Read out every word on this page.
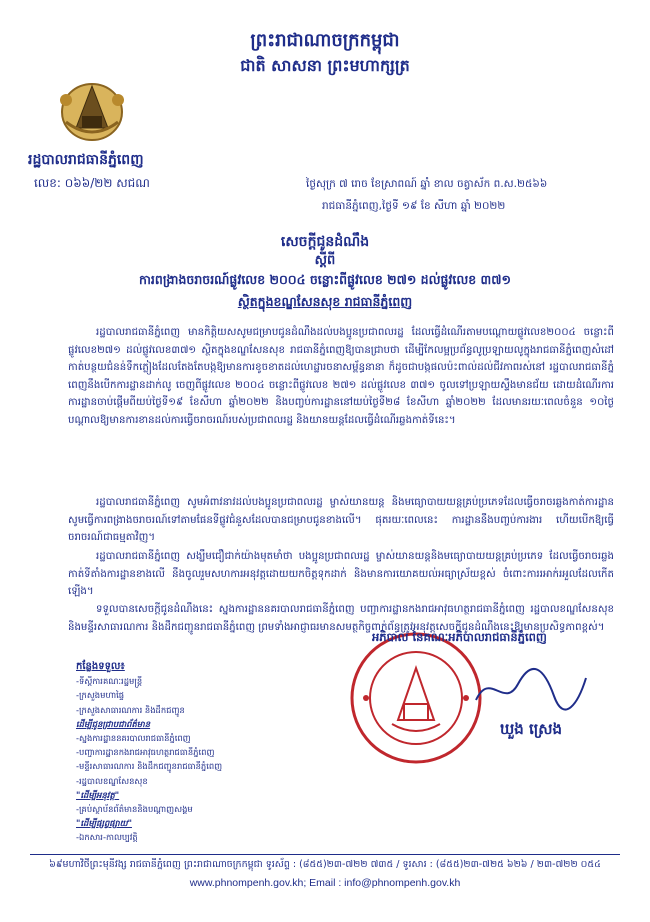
ព្រះរាជាណាចក្រកម្ពុជា
ជាតិ សាសនា ព្រះមហាក្សត្រ
រដ្ឋបាលរាជធានីភ្នំពេញ
លេខ: ០៦៦/២២ សជណ	ថ្ងៃសុក្រ ៧ រោច ខែស្រាពណ៍ ឆ្នាំ ខាល ចត្វាស័ក ព.ស.២៥៦៦
រាជធានីភ្នំពេញ,ថ្ងៃទី ១៩ ខែ សីហា ឆ្នាំ ២០២២
សេចក្តីជូនដំណឹង
ស្តីពី
ការពង្រាងចរាចរណ៍ផ្លូវលេខ ២០០៤ ចន្លោះពីផ្លូវលេខ ២៧១ ដល់ផ្លូវលេខ ៣៧១
ស្ថិតក្នុងខណ្ឌសែនសុខ រាជធានីភ្នំពេញ
រដ្ឋបាលរាជធានីភ្នំពេញ មានកិត្តិយសសូមជម្រាបជូនដំណឹងដល់បងប្អូនប្រជាពលរដ្ឋ ដែលធ្វើដំណើរតាមបណ្តោយផ្លូវលេខ២០០៤ ចន្លោះពីផ្លូវលេខ២៧១ ដល់ផ្លូវលេខ៣៧១ ស្ថិតក្នុងខណ្ឌសែនសុខ រាជធានីភ្នំពេញឱ្យបានជ្រាបថា ដើម្បីកែលម្អប្រព័ន្ធលូប្រឡាយលូក្នុងរាជធានីភ្នំពេញសំដៅកាត់បន្ថយជំនន់ទឹកភ្លៀងដែលតែងតែបង្កឱ្យមានការខូចខាតដល់ហេដ្ឋារចនាសម្ព័ន្ធនានា ក៏ដូចជាបង្កផលប៉ះពាល់ដល់ជីវភាពរស់នៅ រដ្ឋបាលរាជធានីភ្នំពេញនឹងបើកការដ្ឋានដាក់លូ ចេញពីផ្លូវលេខ ២០០៤ ចន្លោះពីផ្លូវលេខ ២៧១ ដល់ផ្លូវលេខ ៣៧១ ចូលទៅប្រឡាយស្ទឹងមានជ័យ ដោយដំណើរការការដ្ឋានចាប់ផ្តើមពីយប់ថ្ងៃទី១៩ ខែសីហា ឆ្នាំ២០២២ និងបញ្ចប់ការដ្ឋាននៅយប់ថ្ងៃទី២៨ ខែសីហា ឆ្នាំ២០២២ ដែលមានរយៈពេលចំនួន ១០ថ្ងៃ បណ្តាលឱ្យមានការខានដល់ការធ្វើចរាចរណ៍របស់ប្រជាពលរដ្ឋ និងយានយន្តដែលធ្វើដំណើរឆ្លងកាត់ទីនេះ។
រដ្ឋបាលរាជធានីភ្នំពេញ សូមអំពាវនាវដល់បងប្អូនប្រជាពលរដ្ឋ ម្ចាស់យានយន្ត និងមធ្យោបាយយន្តគ្រប់ប្រភេទដែលធ្វើចរាចរឆ្លងកាត់ការដ្ឋាន សូមធ្វើការពង្រាងចរាចរណ៍ទៅតាមផែនទីផ្លូវជំនួសដែលបានជម្រាបជូនខាងលើ។ ផុតរយៈពេលនេះ ការដ្ឋាននឹងបញ្ចប់ការងារ ហើយបើកឱ្យធ្វើចរាចរណ៍ជាធម្មតាវិញ។
រដ្ឋបាលរាជធានីភ្នំពេញ សង្ឃឹមជឿជាក់យ៉ាងមុតមាំថា បងប្អូនប្រជាពលរដ្ឋ ម្ចាស់យានយន្តនិងមធ្យោបាយយន្តគ្រប់ប្រភេទ ដែលធ្វើចរាចរឆ្លងកាត់ទីតាំងការដ្ឋានខាងលើ នឹងចូលរួមសហការអនុវត្តដោយយកចិត្តទុកដាក់ និងមានការយោគយល់អធ្យាស្រ័យខ្ពស់ ចំពោះការរអាក់រអួលដែលកើតឡើង។
ទទួលបានសេចក្តីជូនដំណឹងនេះ ស្នងការដ្ឋាននគរបាលរាជធានីភ្នំពេញ បញ្ជាការដ្ឋានកងរាជអាវុធហត្ថរាជធានីភ្នំពេញ រដ្ឋបាលខណ្ឌសែនសុខ និងមន្ទីរសាធារណការ និងដឹកជញ្ជូនរាជធានីភ្នំពេញ ព្រមទាំងអាជ្ញាធរមានសមត្ថកិច្ចពាក់ព័ន្ធត្រូវអនុវត្តសេចក្តីជូនដំណឹងនេះឱ្យមានប្រសិទ្ធភាពខ្ពស់។
អភិបាល នៃគណៈអភិបាលរាជធានីភ្នំពេញ
ឃួង ស្រេង
កន្លែងទទួល៖
-ទីស្តីការគណៈរដ្ឋមន្ត្រី
-ក្រសួងមហាផ្ទៃ
-ក្រសួងសាធារណការ និងដឹកជញ្ជូន
ដើម្បីជូនជ្រាបជាព័ត៌មាន
-ស្នងការដ្ឋាននគរបាលរាជធានីភ្នំពេញ
-បញ្ជាការដ្ឋានកងរាជអាវុធហត្ថរាជធានីភ្នំពេញ
-មន្ទីរសាធារណការ និងដឹកជញ្ជូនរាជធានីភ្នំពេញ
-រដ្ឋបាលខណ្ឌសែនសុខ
"ដើម្បីអនុវត្ត"
-គ្រប់ស្ថាប័នព័ត៌មាននិងបណ្តាញសង្គម
"ដើម្បីផ្សព្វផ្សាយ"
-ឯកសារ-កាលប្បវត្តិ
៦៩មហាវិថីព្រះមុនីវង្ស រាជធានីភ្នំពេញ ព្រះរាជាណាចក្រកម្ពុជា ទូរស័ព្ទ : (៨៥៥)២៣-៧២២ ៧៣៥ / ទូរសារ : (៨៥៥)២៣-៧២៥ ៦២៦ / ២៣-៧២២ ០៥៤
www.phnompenh.gov.kh; Email : info@phnompenh.gov.kh
